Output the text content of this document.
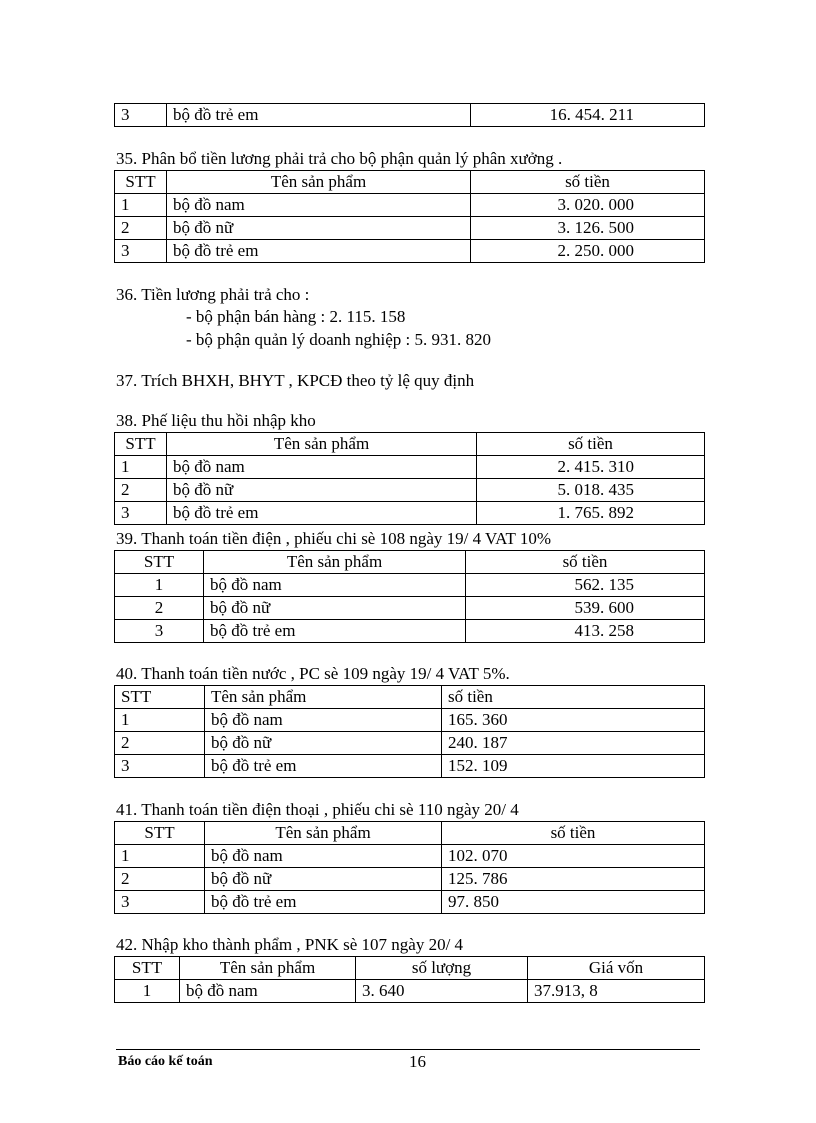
3	bộ đồ trẻ em	16. 454. 211
35. Phân bổ tiền lương phải trả cho bộ phận quản lý phân xưởng .
STT	Tên sản phẩm	số tiền
1	bộ đồ nam	3. 020. 000
2	bộ đồ nữ	3. 126. 500
3	bộ đồ trẻ em	2. 250. 000
36. Tiền lương phải trả cho :
- bộ phận bán hàng : 2. 115. 158
- bộ phận quản lý doanh nghiệp : 5. 931. 820
37. Trích BHXH, BHYT , KPCĐ theo tỷ lệ quy định
38. Phế liệu thu hồi nhập kho
STT	Tên sản phẩm	số tiền
1	bộ đồ nam	2. 415. 310
2	bộ đồ nữ	5. 018. 435
3	bộ đồ trẻ em	1. 765. 892
39. Thanh toán tiền điện , phiếu chi sè 108 ngày 19/ 4 VAT 10%
STT	Tên sản phẩm	số tiền
1	bộ đồ nam	562. 135
2	bộ đồ nữ	539. 600
3	bộ đồ trẻ em	413. 258
40. Thanh toán tiền nước , PC sè 109 ngày 19/ 4 VAT 5%.
STT	Tên sản phẩm	số tiền
1	bộ đồ nam	165. 360
2	bộ đồ nữ	240. 187
3	bộ đồ trẻ em	152. 109
41. Thanh toán tiền điện thoại , phiếu chi sè 110 ngày 20/ 4
STT	Tên sản phẩm	số tiền
1	bộ đồ nam	102. 070
2	bộ đồ nữ	125. 786
3	bộ đồ trẻ em	97. 850
42. Nhập kho thành phẩm , PNK sè 107 ngày 20/ 4
STT	Tên sản phẩm	số lượng	Giá vốn
1	bộ đồ nam	3. 640	37.913, 8
Báo cáo kế toán	16
